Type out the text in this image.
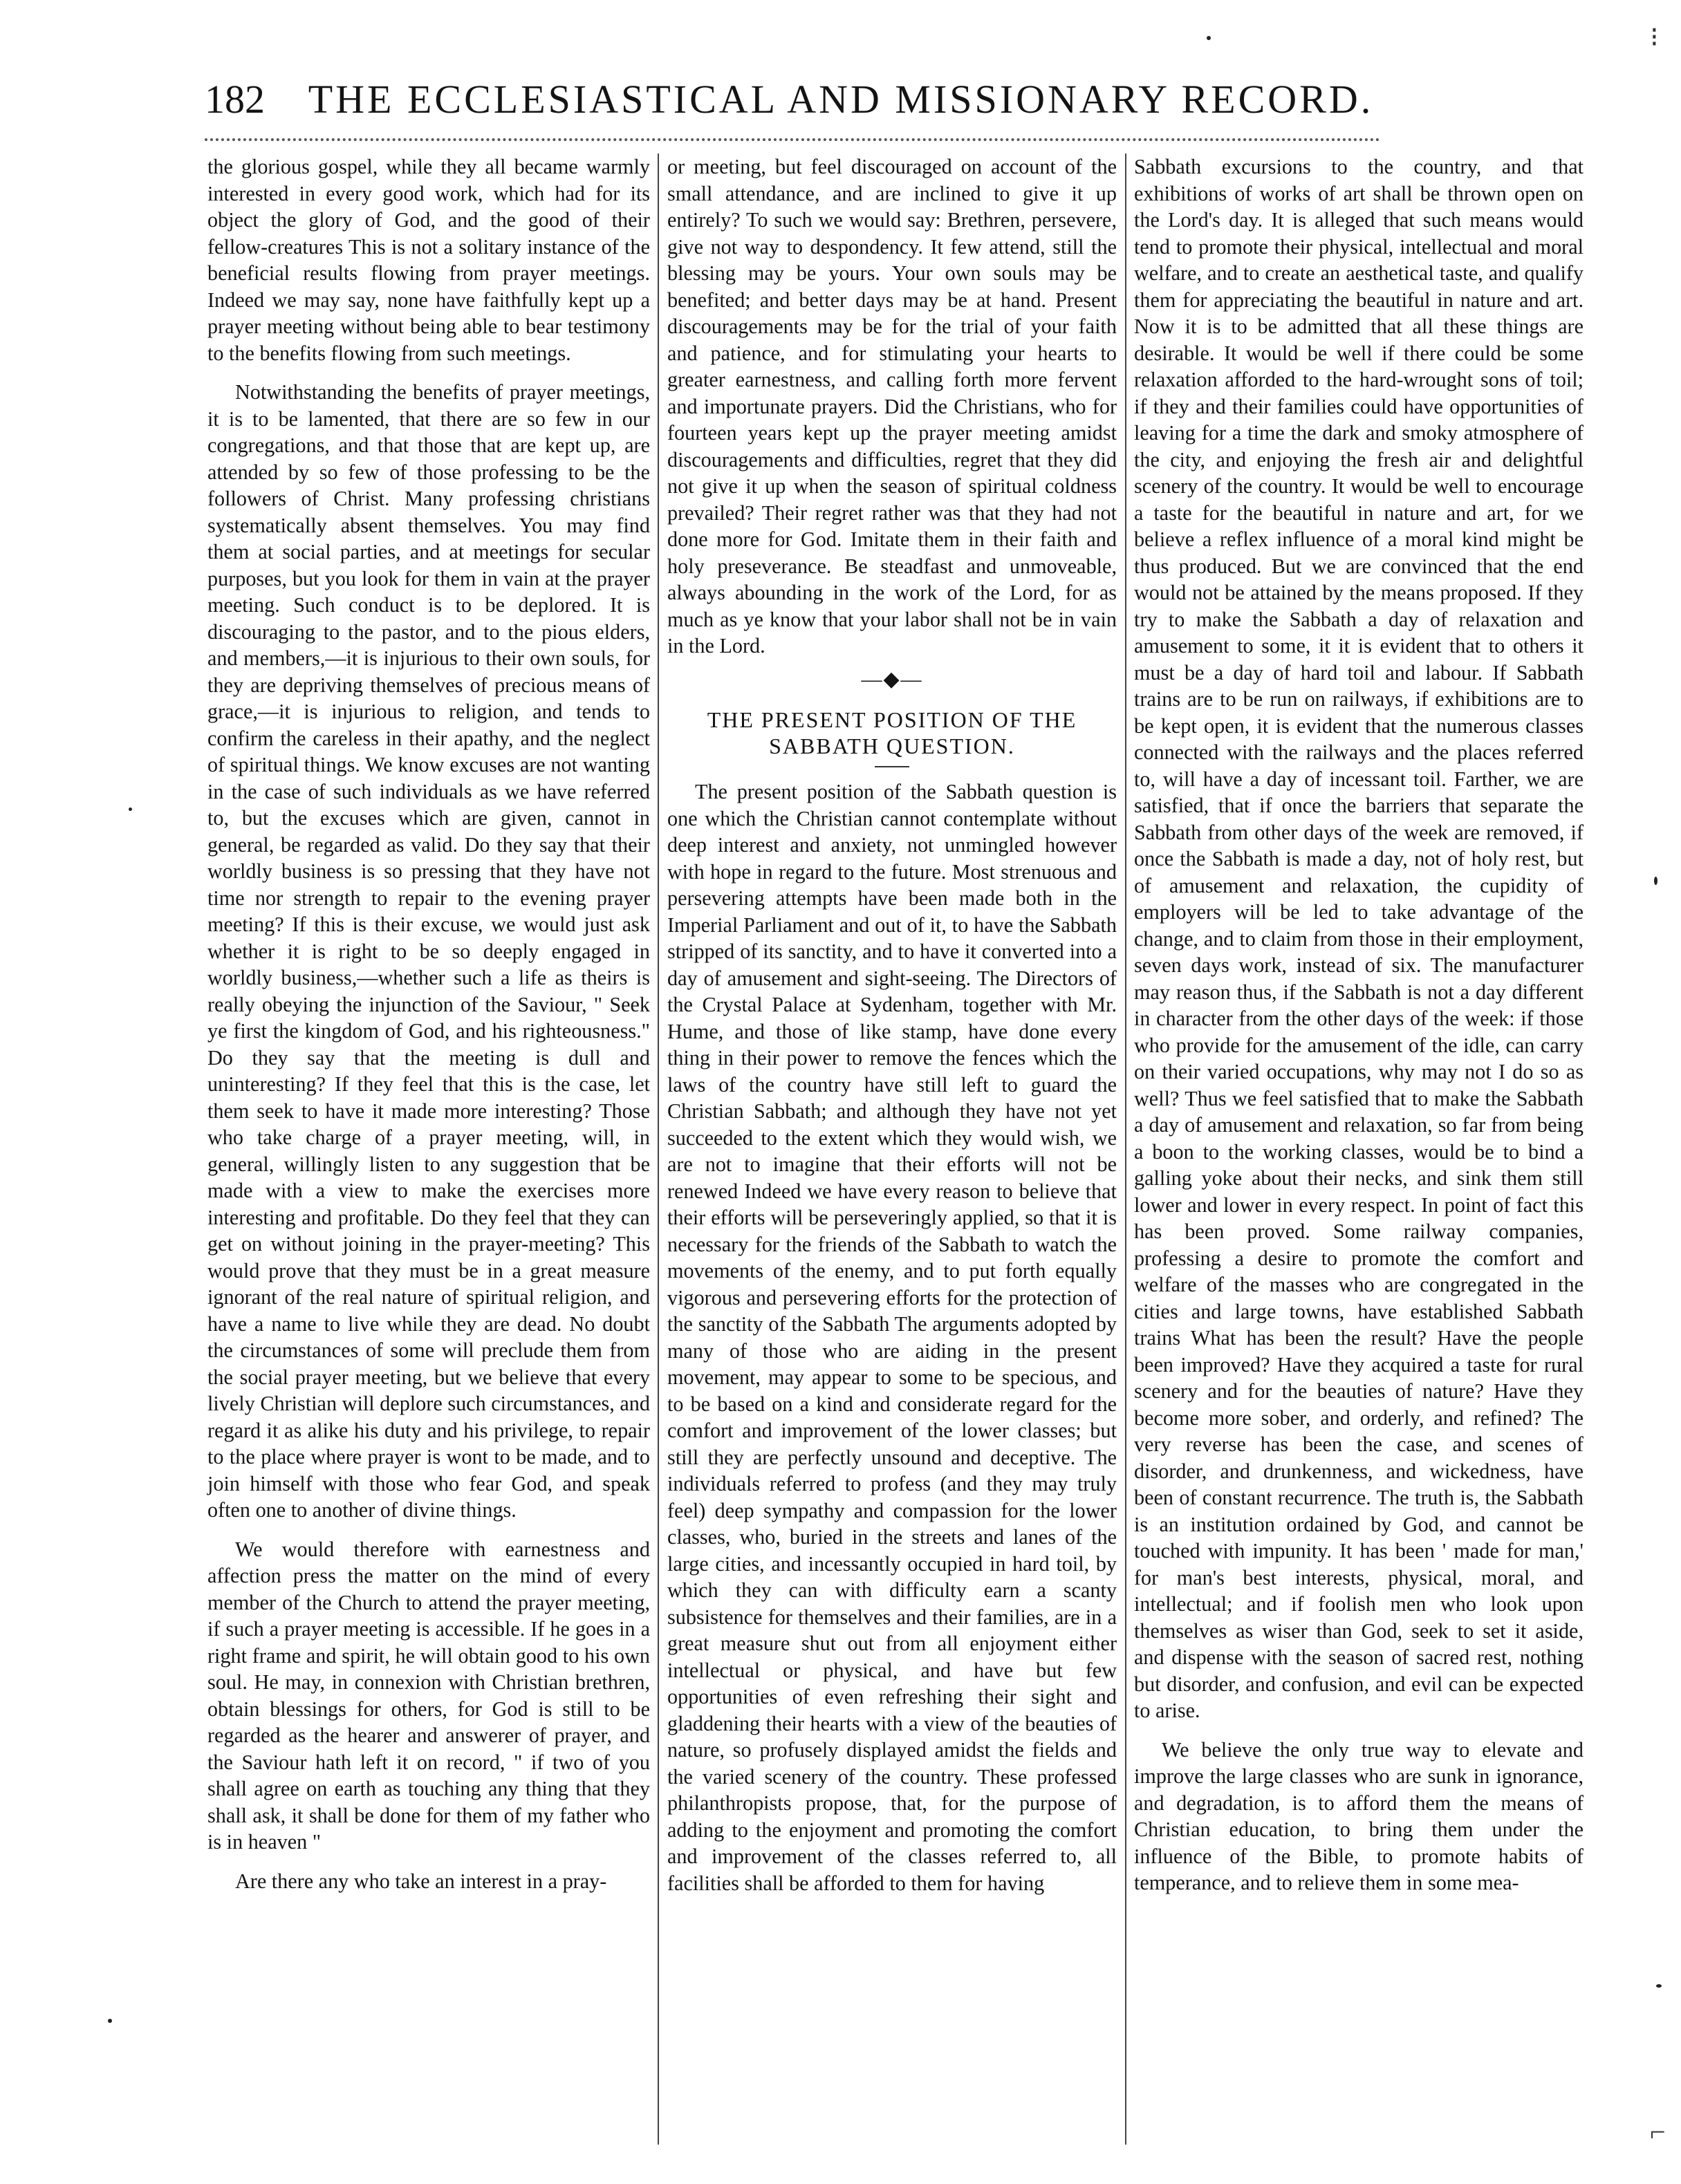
182	THE ECCLESIASTICAL AND MISSIONARY RECORD.

the glorious gospel, while they all became warmly interested in every good work, which had for its object the glory of God, and the good of their fellow-creatures This is not a solitary instance of the beneficial results flowing from prayer meetings. Indeed we may say, none have faithfully kept up a prayer meeting without being able to bear testimony to the benefits flowing from such meetings.

Notwithstanding the benefits of prayer meetings, it is to be lamented, that there are so few in our congregations, and that those that are kept up, are attended by so few of those professing to be the followers of Christ. Many professing christians systematically absent themselves. You may find them at social parties, and at meetings for secular purposes, but you look for them in vain at the prayer meeting. Such conduct is to be deplored. It is discouraging to the pastor, and to the pious elders, and members,—it is injurious to their own souls, for they are depriving themselves of precious means of grace,—it is injurious to religion, and tends to confirm the careless in their apathy, and the neglect of spiritual things. We know excuses are not wanting in the case of such individuals as we have referred to, but the excuses which are given, cannot in general, be regarded as valid. Do they say that their worldly business is so pressing that they have not time nor strength to repair to the evening prayer meeting? If this is their excuse, we would just ask whether it is right to be so deeply engaged in worldly business,—whether such a life as theirs is really obeying the injunction of the Saviour, " Seek ye first the kingdom of God, and his righteousness." Do they say that the meeting is dull and uninteresting? If they feel that this is the case, let them seek to have it made more interesting? Those who take charge of a prayer meeting, will, in general, willingly listen to any suggestion that be made with a view to make the exercises more interesting and profitable. Do they feel that they can get on without joining in the prayer-meeting? This would prove that they must be in a great measure ignorant of the real nature of spiritual religion, and have a name to live while they are dead. No doubt the circumstances of some will preclude them from the social prayer meeting, but we believe that every lively Christian will deplore such circumstances, and regard it as alike his duty and his privilege, to repair to the place where prayer is wont to be made, and to join himself with those who fear God, and speak often one to another of divine things.

We would therefore with earnestness and affection press the matter on the mind of every member of the Church to attend the prayer meeting, if such a prayer meeting is accessible. If he goes in a right frame and spirit, he will obtain good to his own soul. He may, in connexion with Christian brethren, obtain blessings for others, for God is still to be regarded as the hearer and answerer of prayer, and the Saviour hath left it on record, " if two of you shall agree on earth as touching any thing that they shall ask, it shall be done for them of my father who is in heaven "

Are there any who take an interest in a pray-

or meeting, but feel discouraged on account of the small attendance, and are inclined to give it up entirely? To such we would say: Brethren, persevere, give not way to despondency. It few attend, still the blessing may be yours. Your own souls may be benefited; and better days may be at hand. Present discouragements may be for the trial of your faith and patience, and for stimulating your hearts to greater earnestness, and calling forth more fervent and importunate prayers. Did the Christians, who for fourteen years kept up the prayer meeting amidst discouragements and difficulties, regret that they did not give it up when the season of spiritual coldness prevailed? Their regret rather was that they had not done more for God. Imitate them in their faith and holy preseverance. Be steadfast and unmoveable, always abounding in the work of the Lord, for as much as ye know that your labor shall not be in vain in the Lord.

—◆—
THE PRESENT POSITION OF THE
SABBATH QUESTION.

The present position of the Sabbath question is one which the Christian cannot contemplate without deep interest and anxiety, not unmingled however with hope in regard to the future. Most strenuous and persevering attempts have been made both in the Imperial Parliament and out of it, to have the Sabbath stripped of its sanctity, and to have it converted into a day of amusement and sight-seeing. The Directors of the Crystal Palace at Sydenham, together with Mr. Hume, and those of like stamp, have done every thing in their power to remove the fences which the laws of the country have still left to guard the Christian Sabbath; and although they have not yet succeeded to the extent which they would wish, we are not to imagine that their efforts will not be renewed Indeed we have every reason to believe that their efforts will be perseveringly applied, so that it is necessary for the friends of the Sabbath to watch the movements of the enemy, and to put forth equally vigorous and persevering efforts for the protection of the sanctity of the Sabbath The arguments adopted by many of those who are aiding in the present movement, may appear to some to be specious, and to be based on a kind and considerate regard for the comfort and improvement of the lower classes; but still they are perfectly unsound and deceptive. The individuals referred to profess (and they may truly feel) deep sympathy and compassion for the lower classes, who, buried in the streets and lanes of the large cities, and incessantly occupied in hard toil, by which they can with difficulty earn a scanty subsistence for themselves and their families, are in a great measure shut out from all enjoyment either intellectual or physical, and have but few opportunities of even refreshing their sight and gladdening their hearts with a view of the beauties of nature, so profusely displayed amidst the fields and the varied scenery of the country. These professed philanthropists propose, that, for the purpose of adding to the enjoyment and promoting the comfort and improvement of the classes referred to, all facilities shall be afforded to them for having

Sabbath excursions to the country, and that exhibitions of works of art shall be thrown open on the Lord's day. It is alleged that such means would tend to promote their physical, intellectual and moral welfare, and to create an aesthetical taste, and qualify them for appreciating the beautiful in nature and art. Now it is to be admitted that all these things are desirable. It would be well if there could be some relaxation afforded to the hard-wrought sons of toil; if they and their families could have opportunities of leaving for a time the dark and smoky atmosphere of the city, and enjoying the fresh air and delightful scenery of the country. It would be well to encourage a taste for the beautiful in nature and art, for we believe a reflex influence of a moral kind might be thus produced. But we are convinced that the end would not be attained by the means proposed. If they try to make the Sabbath a day of relaxation and amusement to some, it it is evident that to others it must be a day of hard toil and labour. If Sabbath trains are to be run on railways, if exhibitions are to be kept open, it is evident that the numerous classes connected with the railways and the places referred to, will have a day of incessant toil. Farther, we are satisfied, that if once the barriers that separate the Sabbath from other days of the week are removed, if once the Sabbath is made a day, not of holy rest, but of amusement and relaxation, the cupidity of employers will be led to take advantage of the change, and to claim from those in their employment, seven days work, instead of six. The manufacturer may reason thus, if the Sabbath is not a day different in character from the other days of the week: if those who provide for the amusement of the idle, can carry on their varied occupations, why may not I do so as well? Thus we feel satisfied that to make the Sabbath a day of amusement and relaxation, so far from being a boon to the working classes, would be to bind a galling yoke about their necks, and sink them still lower and lower in every respect. In point of fact this has been proved. Some railway companies, professing a desire to promote the comfort and welfare of the masses who are congregated in the cities and large towns, have established Sabbath trains What has been the result? Have the people been improved? Have they acquired a taste for rural scenery and for the beauties of nature? Have they become more sober, and orderly, and refined? The very reverse has been the case, and scenes of disorder, and drunkenness, and wickedness, have been of constant recurrence. The truth is, the Sabbath is an institution ordained by God, and cannot be touched with impunity. It has been ' made for man,' for man's best interests, physical, moral, and intellectual; and if foolish men who look upon themselves as wiser than God, seek to set it aside, and dispense with the season of sacred rest, nothing but disorder, and confusion, and evil can be expected to arise.

We believe the only true way to elevate and improve the large classes who are sunk in ignorance, and degradation, is to afford them the means of Christian education, to bring them under the influence of the Bible, to promote habits of temperance, and to relieve them in some mea-

⁝
⌐
